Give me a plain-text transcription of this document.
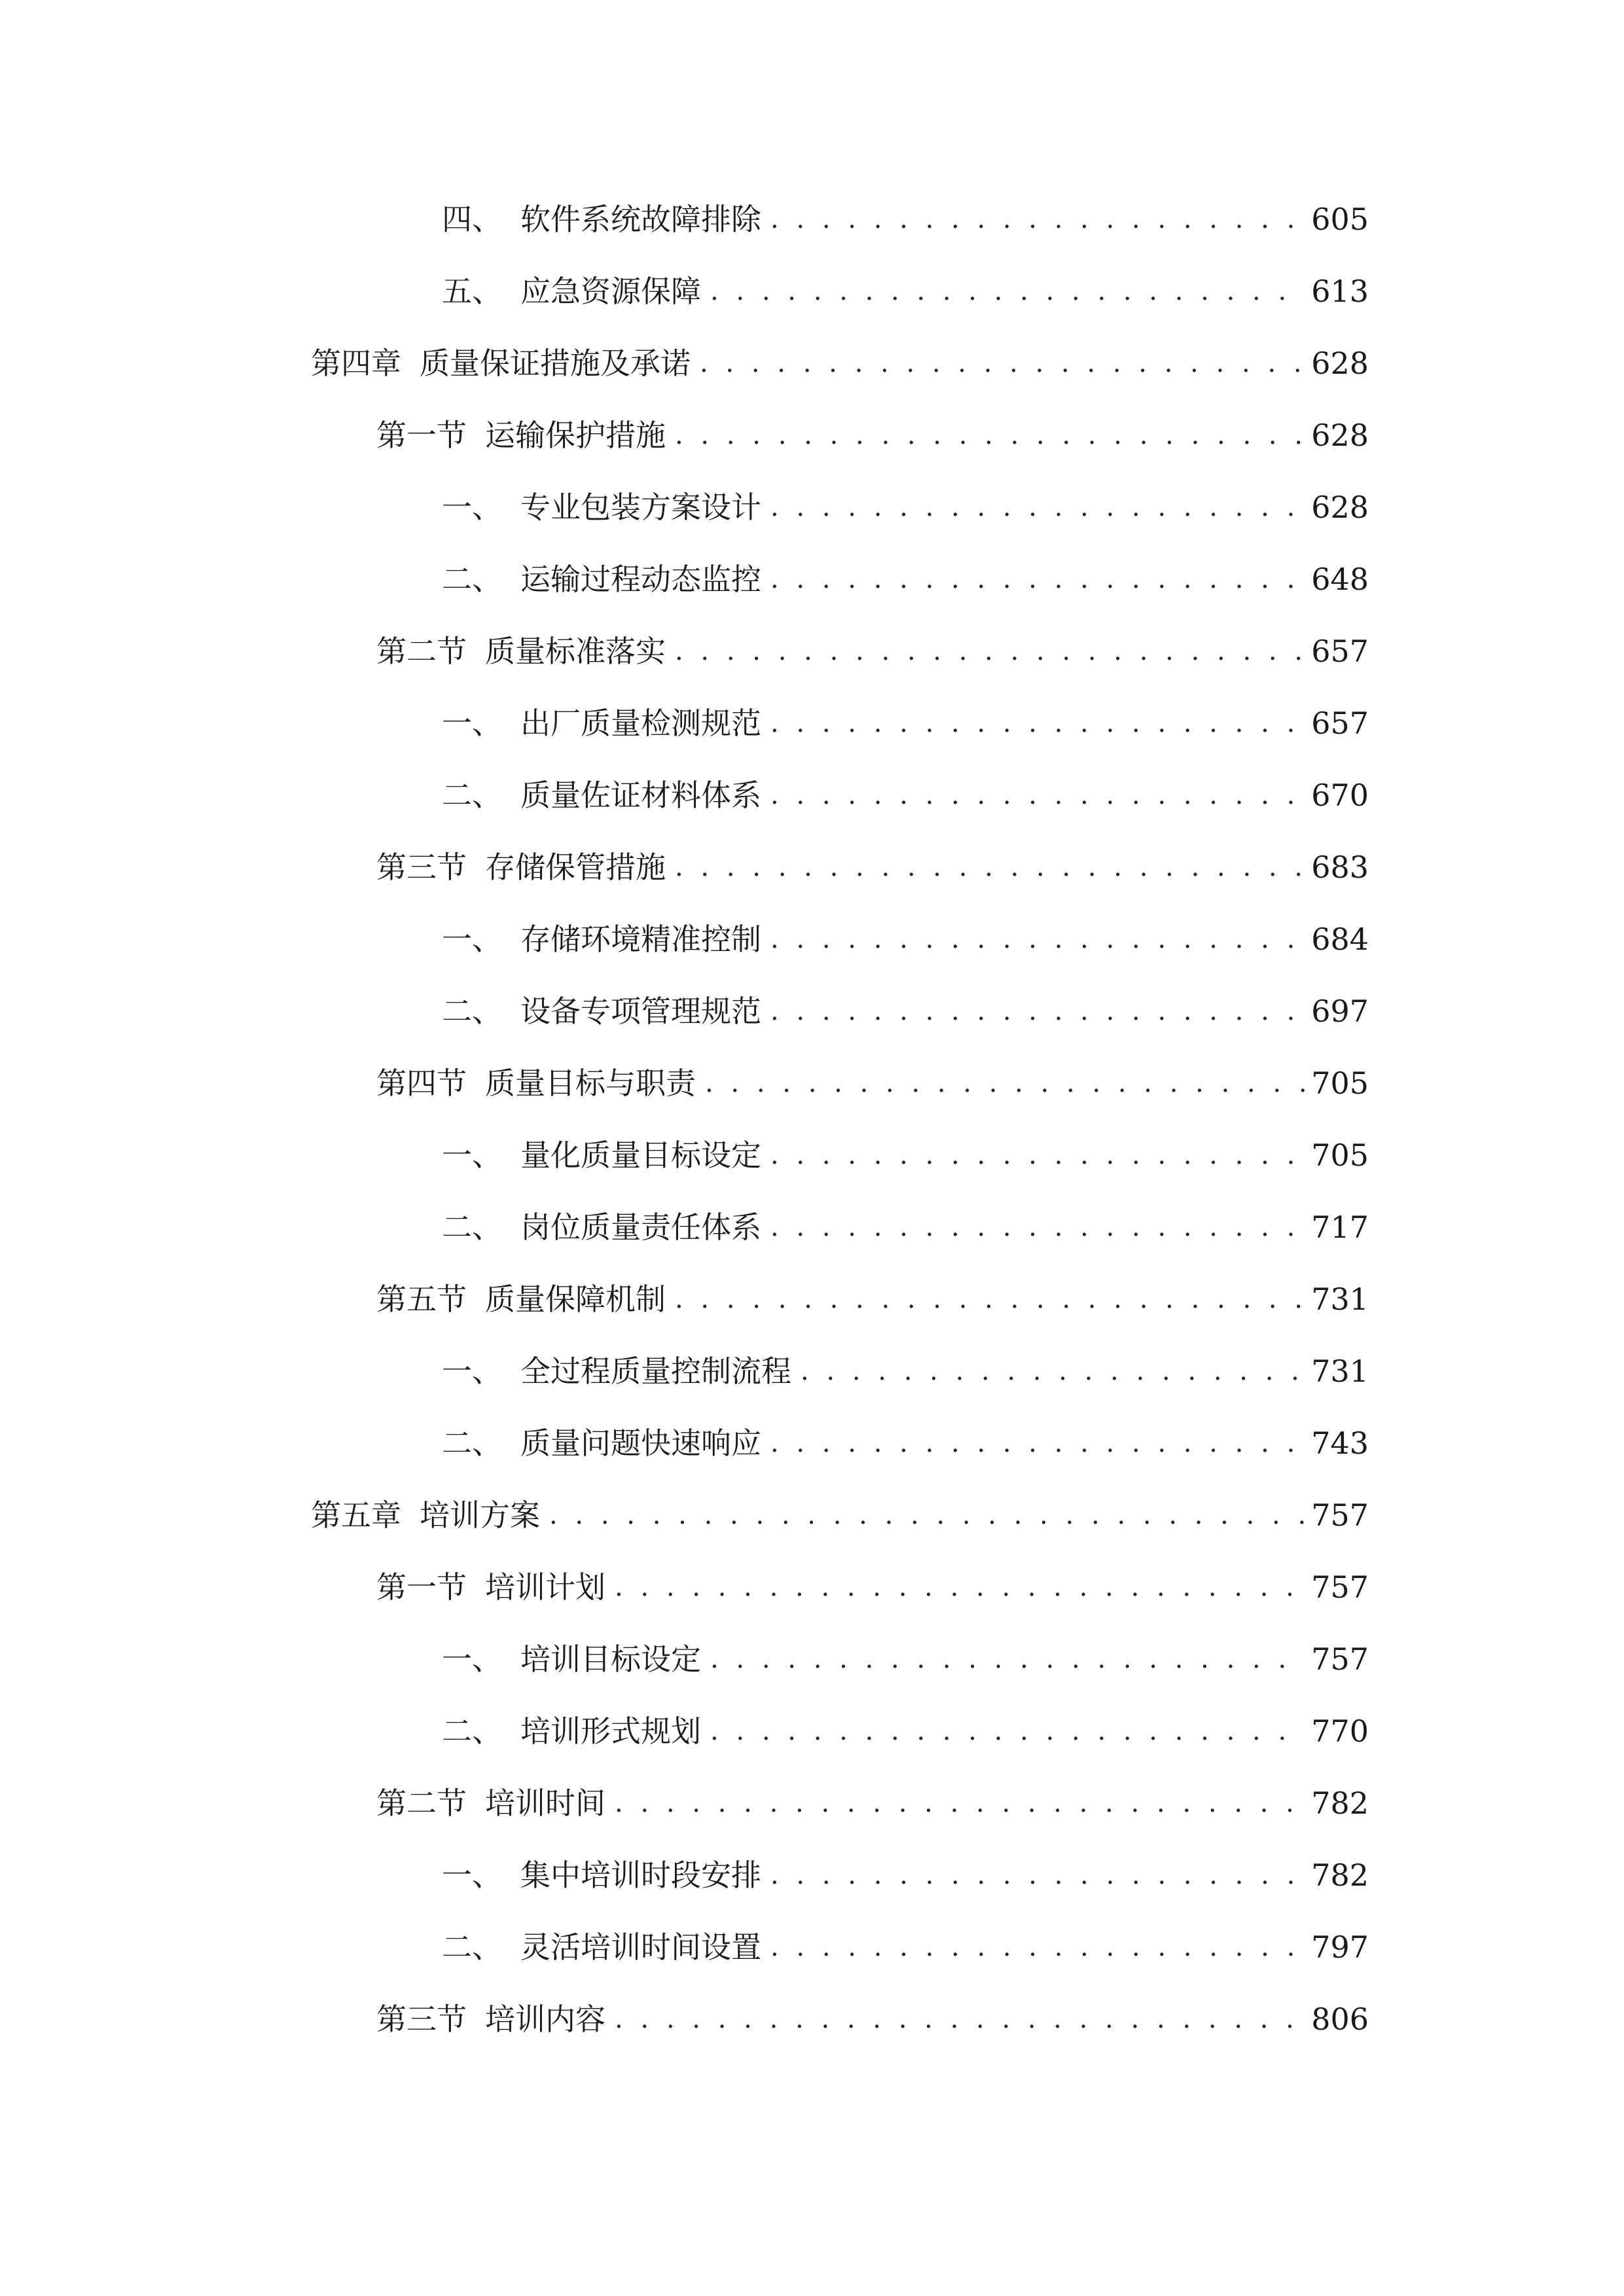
四、 软件系统故障排除 . . .	605
五、 应急资源保障 . . .	613
第四章 质量保证措施及承诺 . . .	628
第一节 运输保护措施 . . .	628
一、 专业包装方案设计 . . .	628
二、 运输过程动态监控 . . .	648
第二节 质量标准落实 . . .	657
一、 出厂质量检测规范 . . .	657
二、 质量佐证材料体系 . . .	670
第三节 存储保管措施 . . .	683
一、 存储环境精准控制 . . .	684
二、 设备专项管理规范 . . .	697
第四节 质量目标与职责 . . .	705
一、 量化质量目标设定 . . .	705
二、 岗位质量责任体系 . . .	717
第五节 质量保障机制 . . .	731
一、 全过程质量控制流程 . . .	731
二、 质量问题快速响应 . . .	743
第五章 培训方案 . . .	757
第一节 培训计划 . . .	757
一、 培训目标设定 . . .	757
二、 培训形式规划 . . .	770
第二节 培训时间 . . .	782
一、 集中培训时段安排 . . .	782
二、 灵活培训时间设置 . . .	797
第三节 培训内容 . . .	806
